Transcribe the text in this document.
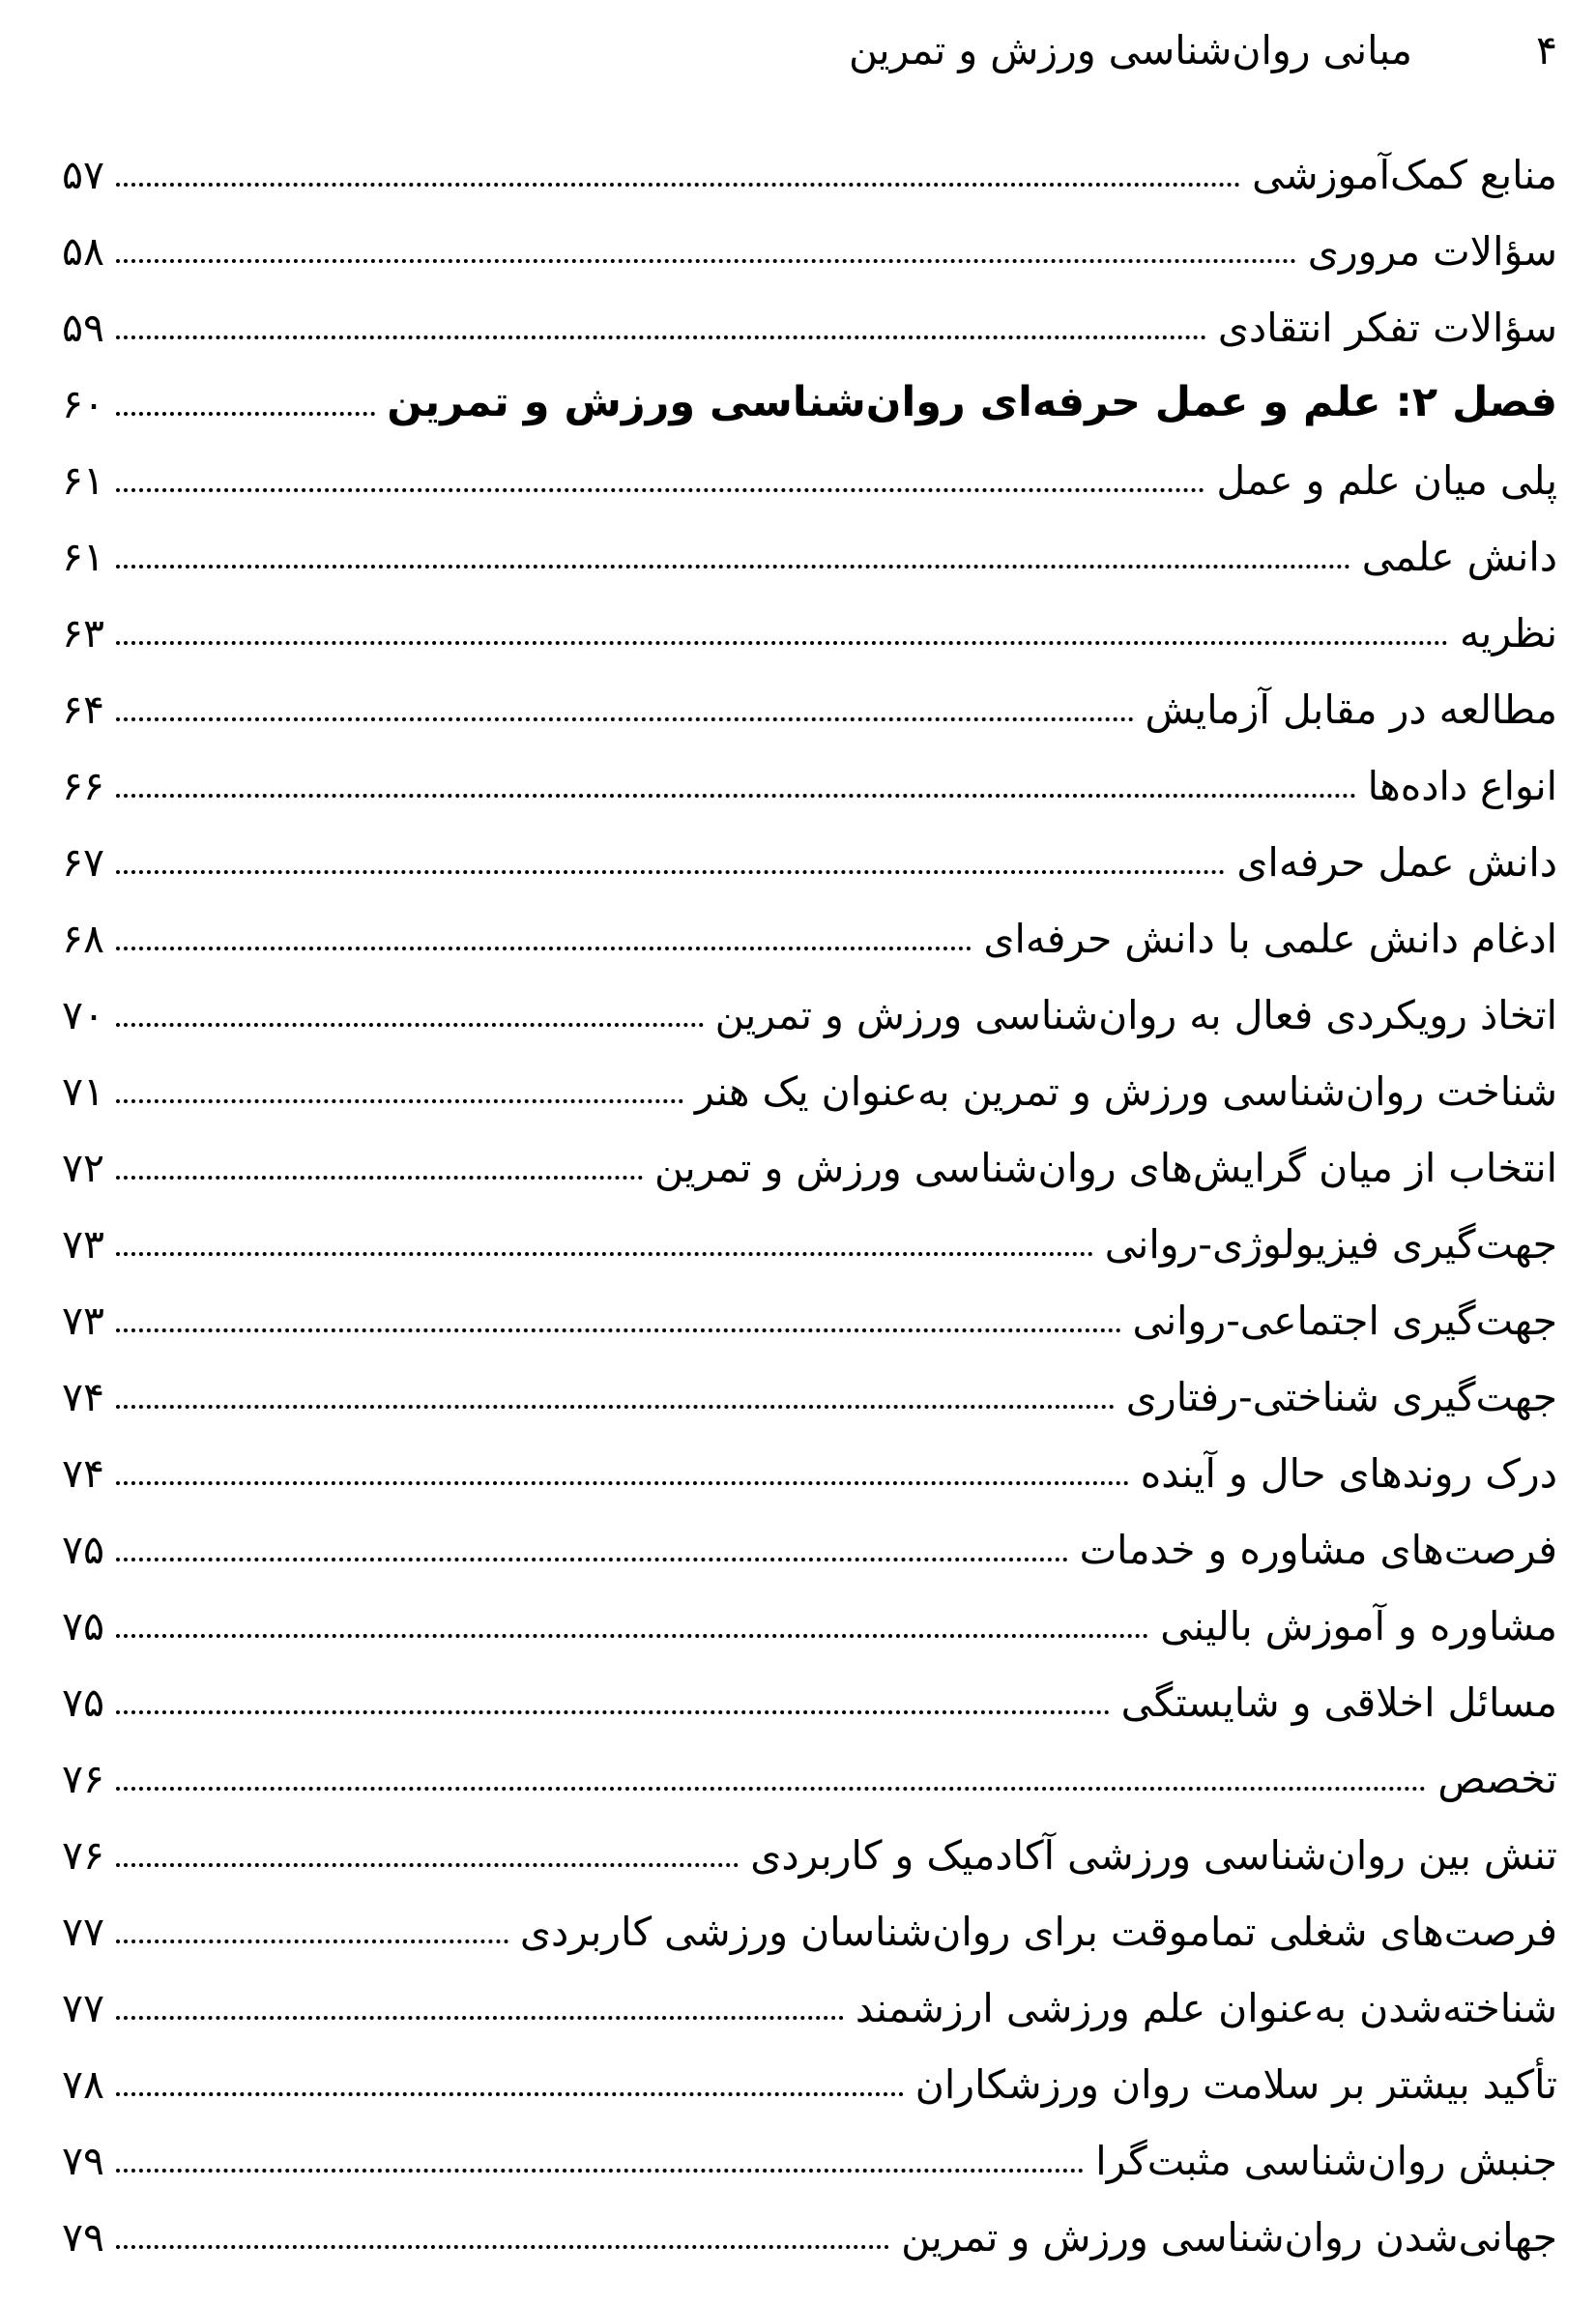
۴
مبانی روان‌شناسی ورزش و تمرین
منابع کمک‌آموزشی
۵۷
سؤالات مروری
۵۸
سؤالات تفکر انتقادی
۵۹
فصل ۲: علم و عمل حرفه‌ای روان‌شناسی ورزش و تمرین
۶۰
پلی میان علم و عمل
۶۱
دانش علمی
۶۱
نظریه
۶۳
مطالعه در مقابل آزمایش
۶۴
انواع داده‌ها
۶۶
دانش عمل حرفه‌ای
۶۷
ادغام دانش علمی با دانش حرفه‌ای
۶۸
اتخاذ رویکردی فعال به روان‌شناسی ورزش و تمرین
۷۰
شناخت روان‌شناسی ورزش و تمرین به‌عنوان یک هنر
۷۱
انتخاب از میان گرایش‌های روان‌شناسی ورزش و تمرین
۷۲
جهت‌گیری فیزیولوژی-روانی
۷۳
جهت‌گیری اجتماعی-روانی
۷۳
جهت‌گیری شناختی-رفتاری
۷۴
درک روندهای حال و آینده
۷۴
فرصت‌های مشاوره و خدمات
۷۵
مشاوره و آموزش بالینی
۷۵
مسائل اخلاقی و شایستگی
۷۵
تخصص
۷۶
تنش بین روان‌شناسی ورزشی آکادمیک و کاربردی
۷۶
فرصت‌های شغلی تماموقت برای روان‌شناسان ورزشی کاربردی
۷۷
شناخته‌شدن به‌عنوان علم ورزشی ارزشمند
۷۷
تأکید بیشتر بر سلامت روان ورزشکاران
۷۸
جنبش روان‌شناسی مثبت‌گرا
۷۹
جهانی‌شدن روان‌شناسی ورزش و تمرین
۷۹
